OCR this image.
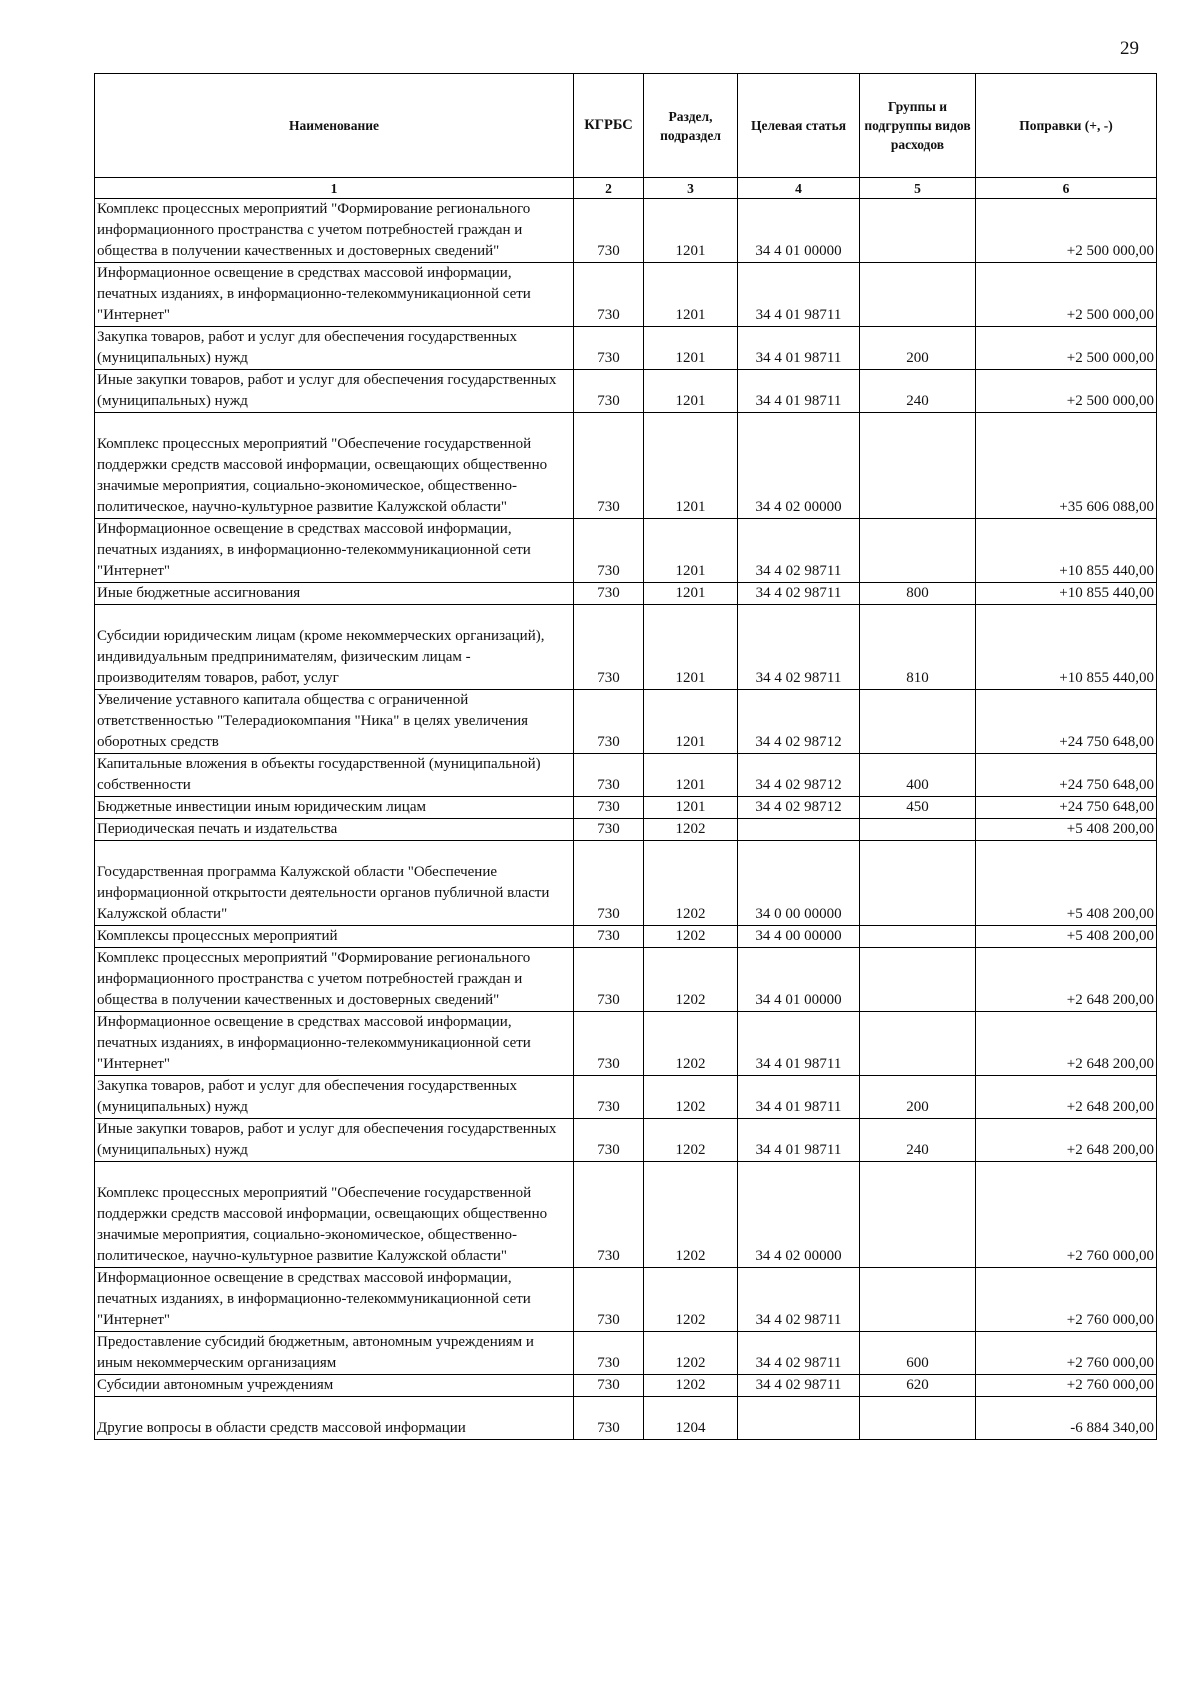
29
Наименование	КГРБС	Раздел, подраздел	Целевая статья	Группы и подгруппы видов расходов	Поправки (+, -)
1	2	3	4	5	6
Комплекс процессных мероприятий "Формирование регионального информационного пространства с учетом потребностей граждан и общества в получении качественных и достоверных сведений"	730	1201	34 4 01 00000		+2 500 000,00
Информационное освещение в средствах массовой информации, печатных изданиях, в информационно-телекоммуникационной сети "Интернет"	730	1201	34 4 01 98711		+2 500 000,00
Закупка товаров, работ и услуг для обеспечения государственных (муниципальных) нужд	730	1201	34 4 01 98711	200	+2 500 000,00
Иные закупки товаров, работ и услуг для обеспечения государственных (муниципальных) нужд	730	1201	34 4 01 98711	240	+2 500 000,00

Комплекс процессных мероприятий "Обеспечение государственной поддержки средств массовой информации, освещающих общественно значимые мероприятия, социально-экономическое, общественно-политическое, научно-культурное развитие Калужской области"	730	1201	34 4 02 00000		+35 606 088,00
Информационное освещение в средствах массовой информации, печатных изданиях, в информационно-телекоммуникационной сети "Интернет"	730	1201	34 4 02 98711		+10 855 440,00
Иные бюджетные ассигнования	730	1201	34 4 02 98711	800	+10 855 440,00

Субсидии юридическим лицам (кроме некоммерческих организаций), индивидуальным предпринимателям, физическим лицам - производителям товаров, работ, услуг	730	1201	34 4 02 98711	810	+10 855 440,00
Увеличение уставного капитала общества с ограниченной ответственностью "Телерадиокомпания "Ника" в целях увеличения оборотных средств	730	1201	34 4 02 98712		+24 750 648,00
Капитальные вложения в объекты государственной (муниципальной) собственности	730	1201	34 4 02 98712	400	+24 750 648,00
Бюджетные инвестиции иным юридическим лицам	730	1201	34 4 02 98712	450	+24 750 648,00
Периодическая печать и издательства	730	1202			+5 408 200,00

Государственная программа Калужской области "Обеспечение информационной открытости деятельности органов публичной власти Калужской области"	730	1202	34 0 00 00000		+5 408 200,00
Комплексы процессных мероприятий	730	1202	34 4 00 00000		+5 408 200,00
Комплекс процессных мероприятий "Формирование регионального информационного пространства с учетом потребностей граждан и общества в получении качественных и достоверных сведений"	730	1202	34 4 01 00000		+2 648 200,00
Информационное освещение в средствах массовой информации, печатных изданиях, в информационно-телекоммуникационной сети "Интернет"	730	1202	34 4 01 98711		+2 648 200,00
Закупка товаров, работ и услуг для обеспечения государственных (муниципальных) нужд	730	1202	34 4 01 98711	200	+2 648 200,00
Иные закупки товаров, работ и услуг для обеспечения государственных (муниципальных) нужд	730	1202	34 4 01 98711	240	+2 648 200,00

Комплекс процессных мероприятий "Обеспечение государственной поддержки средств массовой информации, освещающих общественно значимые мероприятия, социально-экономическое, общественно-политическое, научно-культурное развитие Калужской области"	730	1202	34 4 02 00000		+2 760 000,00
Информационное освещение в средствах массовой информации, печатных изданиях, в информационно-телекоммуникационной сети "Интернет"	730	1202	34 4 02 98711		+2 760 000,00
Предоставление субсидий бюджетным, автономным учреждениям и иным некоммерческим организациям	730	1202	34 4 02 98711	600	+2 760 000,00
Субсидии автономным учреждениям	730	1202	34 4 02 98711	620	+2 760 000,00

Другие вопросы в области средств массовой информации	730	1204			-6 884 340,00
